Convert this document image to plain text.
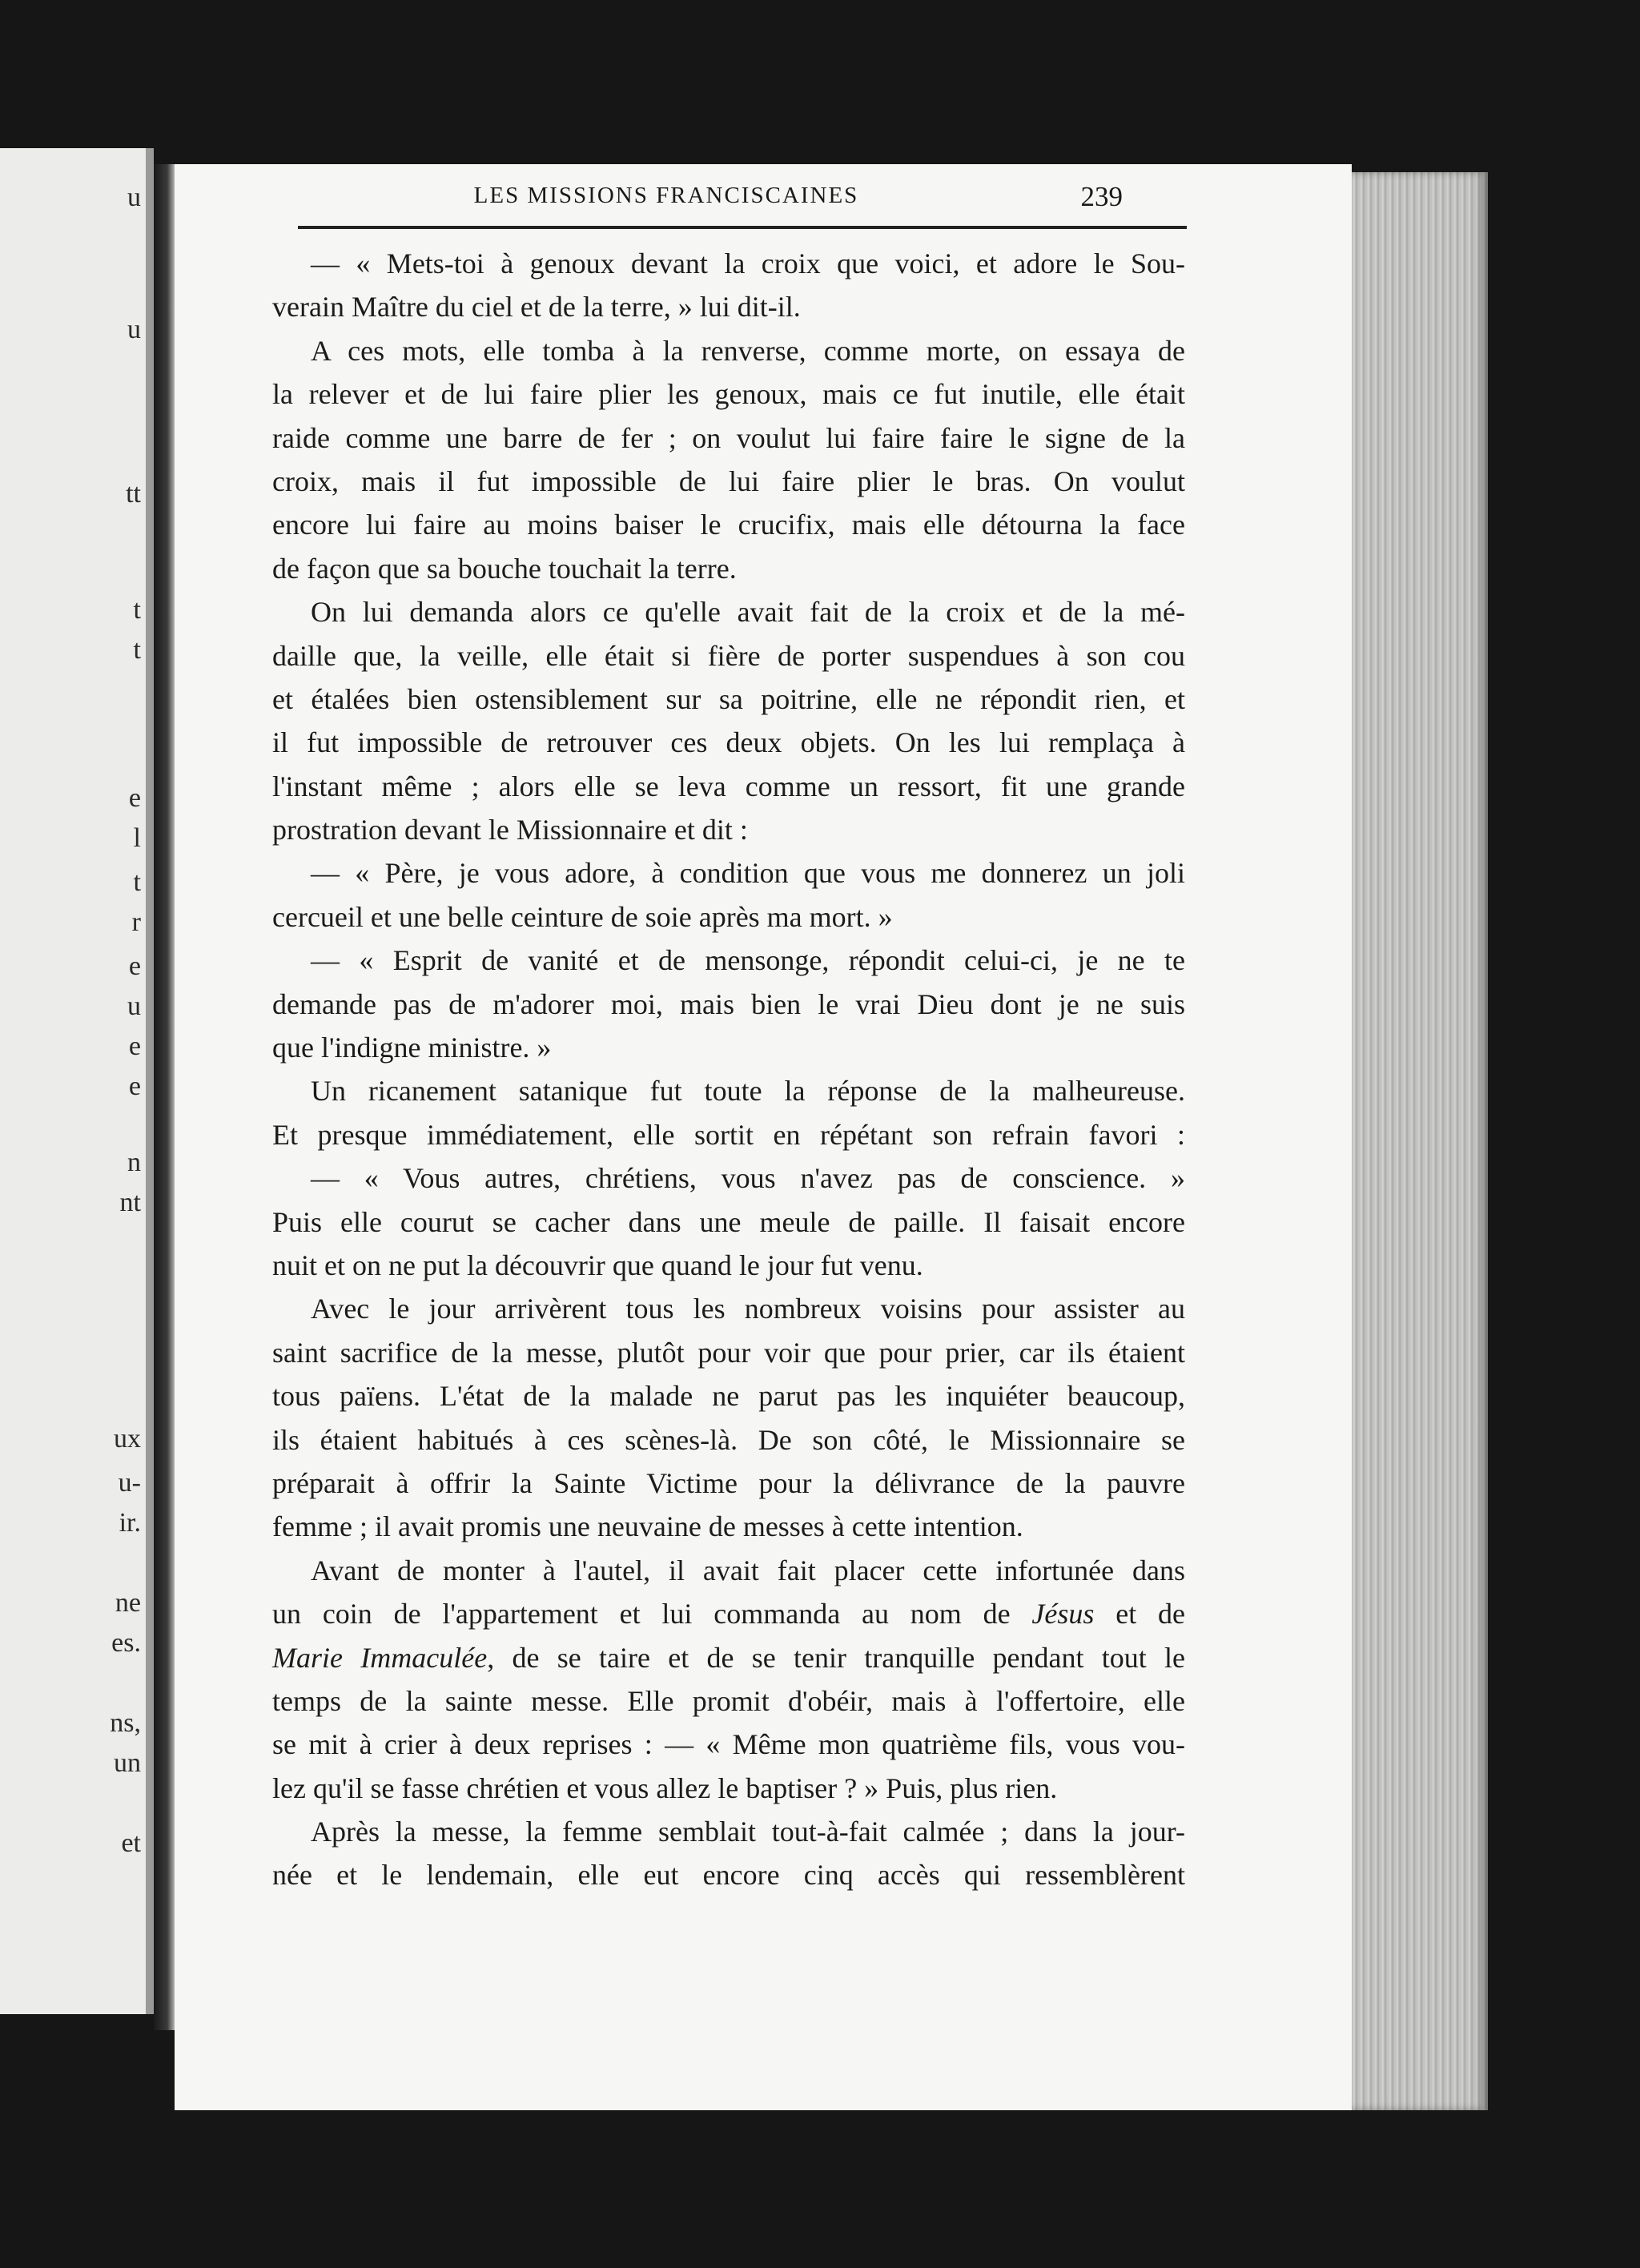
u
u
tt
t
t
e
l
t
r
e
u
e
e
n
nt
ux
u-
ir.
ne
es.
ns,
un
et
LES MISSIONS FRANCISCAINES	239
— « Mets-toi à genoux devant la croix que voici, et adore le Sou-
verain Maître du ciel et de la terre, » lui dit-il.
A ces mots, elle tomba à la renverse, comme morte, on essaya de
la relever et de lui faire plier les genoux, mais ce fut inutile, elle était
raide comme une barre de fer ; on voulut lui faire faire le signe de la
croix, mais il fut impossible de lui faire plier le bras. On voulut
encore lui faire au moins baiser le crucifix, mais elle détourna la face
de façon que sa bouche touchait la terre.
On lui demanda alors ce qu'elle avait fait de la croix et de la mé-
daille que, la veille, elle était si fière de porter suspendues à son cou
et étalées bien ostensiblement sur sa poitrine, elle ne répondit rien, et
il fut impossible de retrouver ces deux objets. On les lui remplaça à
l'instant même ; alors elle se leva comme un ressort, fit une grande
prostration devant le Missionnaire et dit :
— « Père, je vous adore, à condition que vous me donnerez un joli
cercueil et une belle ceinture de soie après ma mort. »
— « Esprit de vanité et de mensonge, répondit celui-ci, je ne te
demande pas de m'adorer moi, mais bien le vrai Dieu dont je ne suis
que l'indigne ministre. »
Un ricanement satanique fut toute la réponse de la malheureuse.
Et presque immédiatement, elle sortit en répétant son refrain favori :
— « Vous autres, chrétiens, vous n'avez pas de conscience. »
Puis elle courut se cacher dans une meule de paille. Il faisait encore
nuit et on ne put la découvrir que quand le jour fut venu.
Avec le jour arrivèrent tous les nombreux voisins pour assister au
saint sacrifice de la messe, plutôt pour voir que pour prier, car ils étaient
tous païens. L'état de la malade ne parut pas les inquiéter beaucoup,
ils étaient habitués à ces scènes-là. De son côté, le Missionnaire se
préparait à offrir la Sainte Victime pour la délivrance de la pauvre
femme ; il avait promis une neuvaine de messes à cette intention.
Avant de monter à l'autel, il avait fait placer cette infortunée dans
un coin de l'appartement et lui commanda au nom de Jésus et de
Marie Immaculée, de se taire et de se tenir tranquille pendant tout le
temps de la sainte messe. Elle promit d'obéir, mais à l'offertoire, elle
se mit à crier à deux reprises : — « Même mon quatrième fils, vous vou-
lez qu'il se fasse chrétien et vous allez le baptiser ? » Puis, plus rien.
Après la messe, la femme semblait tout-à-fait calmée ; dans la jour-
née et le lendemain, elle eut encore cinq accès qui ressemblèrent
